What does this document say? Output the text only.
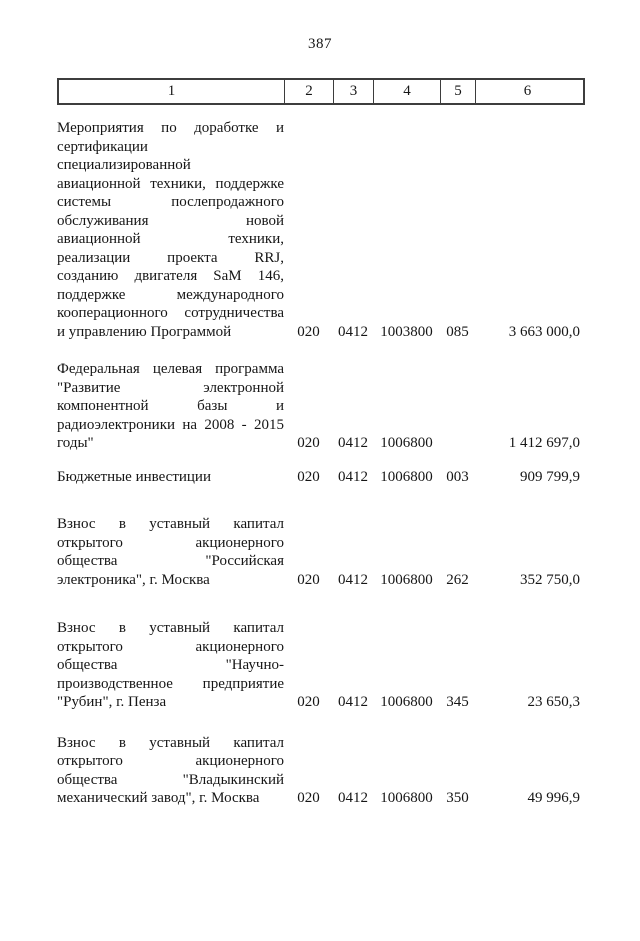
387
1	2	3	4	5	6
Мероприятия по доработке и
сертификации
специализированной
авиационной техники, поддержке
системы послепродажного
обслуживания новой
авиационной техники,
реализации проекта RRJ,
созданию двигателя SaM 146,
поддержке международного
кооперационного сотрудничества
и управлению Программой	020	0412 1003800 085	3 663 000,0
Федеральная целевая программа
"Развитие электронной
компонентной базы и
радиоэлектроники на 2008 - 2015
годы"	020	0412 1006800	1 412 697,0
Бюджетные инвестиции	020	0412 1006800 003	909 799,9
Взнос в уставный капитал
открытого акционерного
общества "Российская
электроника", г. Москва	020	0412 1006800 262	352 750,0
Взнос в уставный капитал
открытого акционерного
общества "Научно-
производственное предприятие
"Рубин", г. Пенза	020	0412 1006800 345	23 650,3
Взнос в уставный капитал
открытого акционерного
общества "Владыкинский
механический завод", г. Москва	020	0412 1006800 350	49 996,9
